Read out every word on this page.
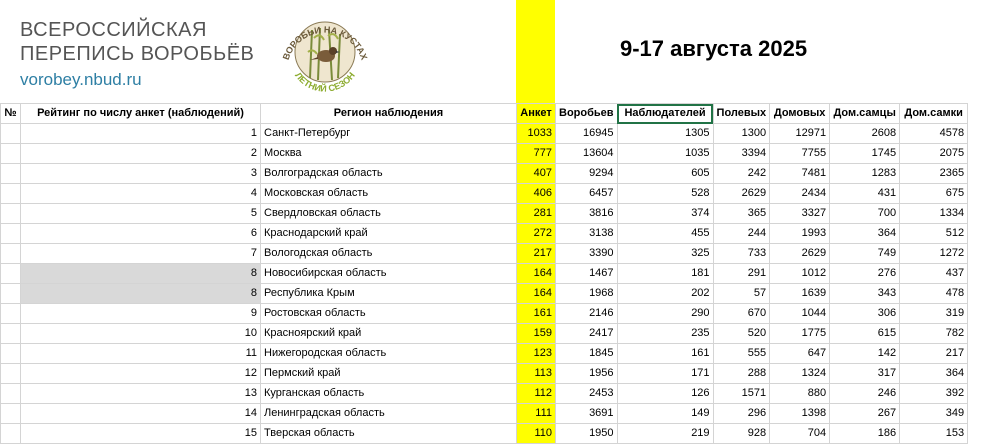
ВСЕРОССИЙСКАЯ
ПЕРЕПИСЬ ВОРОБЬЁВ
vorobey.nbud.ru
ВОРОБЬИ НА КУСТАХ
ЛЕТНИЙ СЕЗОН
9-17 августа 2025
№	Рейтинг по числу анкет (наблюдений)	Регион наблюдения	Анкет	Воробьев	Наблюдателей	Полевых	Домовых	Дом.самцы	Дом.самки
	1	Санкт-Петербург	1033	16945	1305	1300	12971	2608	4578
	2	Москва	777	13604	1035	3394	7755	1745	2075
	3	Волгоградская область	407	9294	605	242	7481	1283	2365
	4	Московская область	406	6457	528	2629	2434	431	675
	5	Свердловская область	281	3816	374	365	3327	700	1334
	6	Краснодарский край	272	3138	455	244	1993	364	512
	7	Вологодская область	217	3390	325	733	2629	749	1272
	8	Новосибирская область	164	1467	181	291	1012	276	437
	8	Республика Крым	164	1968	202	57	1639	343	478
	9	Ростовская область	161	2146	290	670	1044	306	319
	10	Красноярский край	159	2417	235	520	1775	615	782
	11	Нижегородская область	123	1845	161	555	647	142	217
	12	Пермский край	113	1956	171	288	1324	317	364
	13	Курганская область	112	2453	126	1571	880	246	392
	14	Ленинградская область	111	3691	149	296	1398	267	349
	15	Тверская область	110	1950	219	928	704	186	153
